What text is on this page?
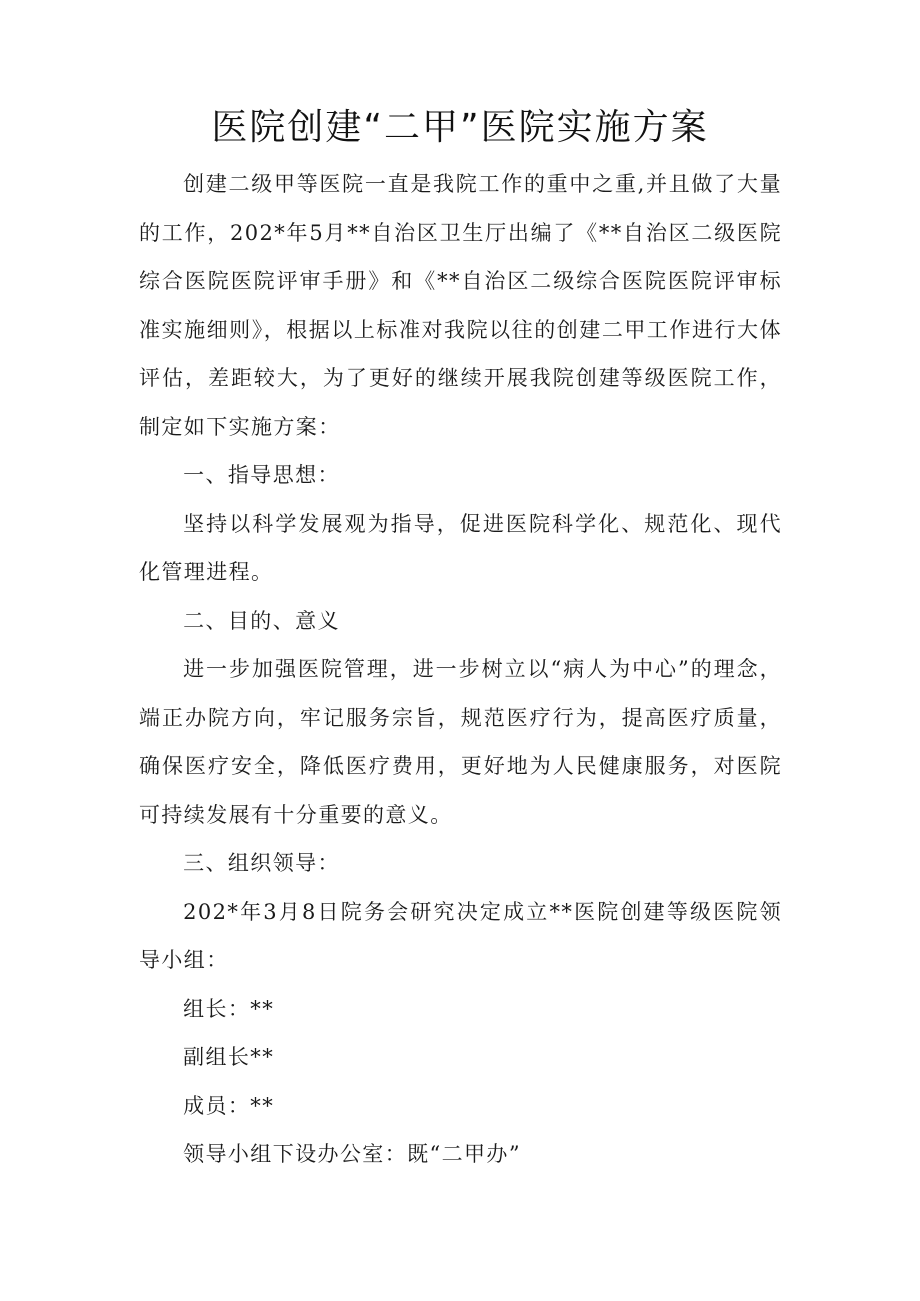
医院创建“二甲”医院实施方案

创建二级甲等医院一直是我院工作的重中之重,并且做了大量的工作，202*年5月**自治区卫生厅出编了《**自治区二级医院综合医院医院评审手册》和《**自治区二级综合医院医院评审标准实施细则》，根据以上标准对我院以往的创建二甲工作进行大体评估，差距较大，为了更好的继续开展我院创建等级医院工作，制定如下实施方案：

一、指导思想：

坚持以科学发展观为指导，促进医院科学化、规范化、现代化管理进程。

二、目的、意义

进一步加强医院管理，进一步树立以“病人为中心”的理念，端正办院方向，牢记服务宗旨，规范医疗行为，提高医疗质量，确保医疗安全，降低医疗费用，更好地为人民健康服务，对医院可持续发展有十分重要的意义。

三、组织领导：

202*年3月8日院务会研究决定成立**医院创建等级医院领导小组：

组长：**

副组长**

成员：**

领导小组下设办公室：既“二甲办”
